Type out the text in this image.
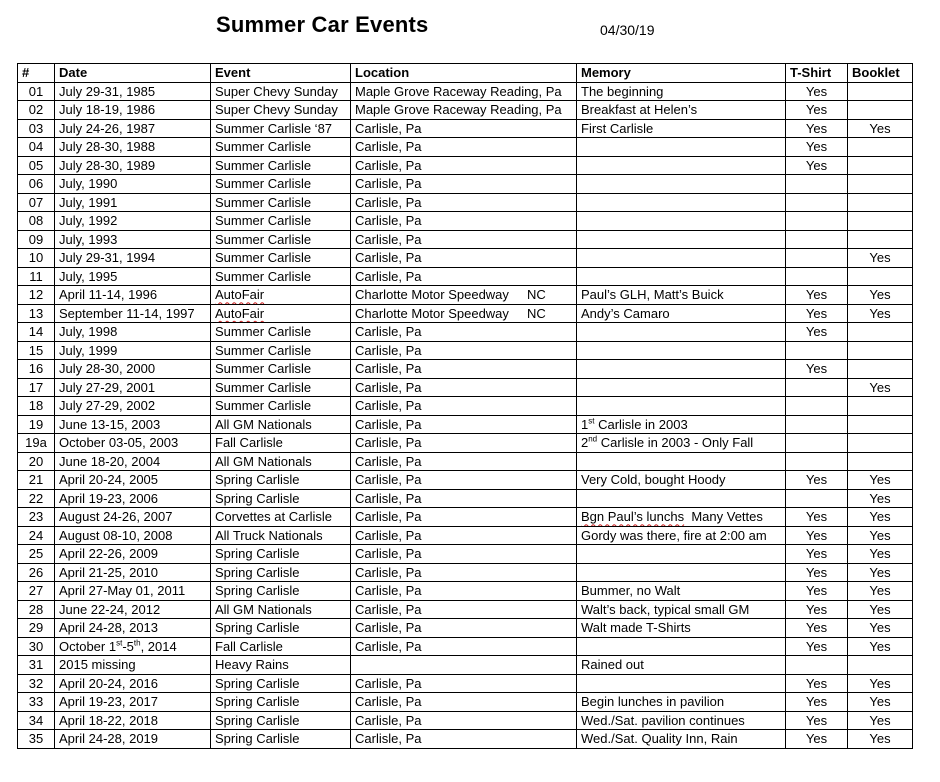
Summer Car Events	04/30/19
#	Date	Event	Location	Memory	T-Shirt	Booklet
01	July 29-31, 1985	Super Chevy Sunday	Maple Grove Raceway Reading, Pa	The beginning	Yes	
02	July 18-19, 1986	Super Chevy Sunday	Maple Grove Raceway Reading, Pa	Breakfast at Helen’s	Yes	
03	July 24-26, 1987	Summer Carlisle ‘87	Carlisle, Pa	First Carlisle	Yes	Yes
04	July 28-30, 1988	Summer Carlisle	Carlisle, Pa		Yes	
05	July 28-30, 1989	Summer Carlisle	Carlisle, Pa		Yes	
06	July, 1990	Summer Carlisle	Carlisle, Pa			
07	July, 1991	Summer Carlisle	Carlisle, Pa			
08	July, 1992	Summer Carlisle	Carlisle, Pa			
09	July, 1993	Summer Carlisle	Carlisle, Pa			
10	July 29-31, 1994	Summer Carlisle	Carlisle, Pa			Yes
11	July, 1995	Summer Carlisle	Carlisle, Pa			
12	April 11-14, 1996	AutoFair	Charlotte Motor Speedway NC	Paul’s GLH, Matt’s Buick	Yes	Yes
13	September 11-14, 1997	AutoFair	Charlotte Motor Speedway NC	Andy’s Camaro	Yes	Yes
14	July, 1998	Summer Carlisle	Carlisle, Pa		Yes	
15	July, 1999	Summer Carlisle	Carlisle, Pa			
16	July 28-30, 2000	Summer Carlisle	Carlisle, Pa		Yes	
17	July 27-29, 2001	Summer Carlisle	Carlisle, Pa			Yes
18	July 27-29, 2002	Summer Carlisle	Carlisle, Pa			
19	June 13-15, 2003	All GM Nationals	Carlisle, Pa	1st Carlisle in 2003		
19a	October 03-05, 2003	Fall Carlisle	Carlisle, Pa	2nd Carlisle in 2003 - Only Fall		
20	June 18-20, 2004	All GM Nationals	Carlisle, Pa			
21	April 20-24, 2005	Spring Carlisle	Carlisle, Pa	Very Cold, bought Hoody	Yes	Yes
22	April 19-23, 2006	Spring Carlisle	Carlisle, Pa			Yes
23	August 24-26, 2007	Corvettes at Carlisle	Carlisle, Pa	Bgn Paul’s lunchs  Many Vettes	Yes	Yes
24	August 08-10, 2008	All Truck Nationals	Carlisle, Pa	Gordy was there, fire at 2:00 am	Yes	Yes
25	April 22-26, 2009	Spring Carlisle	Carlisle, Pa		Yes	Yes
26	April 21-25, 2010	Spring Carlisle	Carlisle, Pa		Yes	Yes
27	April 27-May 01, 2011	Spring Carlisle	Carlisle, Pa	Bummer, no Walt	Yes	Yes
28	June 22-24, 2012	All GM Nationals	Carlisle, Pa	Walt’s back, typical small GM	Yes	Yes
29	April 24-28, 2013	Spring Carlisle	Carlisle, Pa	Walt made T-Shirts	Yes	Yes
30	October 1st-5th, 2014	Fall Carlisle	Carlisle, Pa		Yes	Yes
31	2015 missing	Heavy Rains		Rained out		
32	April 20-24, 2016	Spring Carlisle	Carlisle, Pa		Yes	Yes
33	April 19-23, 2017	Spring Carlisle	Carlisle, Pa	Begin lunches in pavilion	Yes	Yes
34	April 18-22, 2018	Spring Carlisle	Carlisle, Pa	Wed./Sat. pavilion continues	Yes	Yes
35	April 24-28, 2019	Spring Carlisle	Carlisle, Pa	Wed./Sat. Quality Inn, Rain	Yes	Yes
